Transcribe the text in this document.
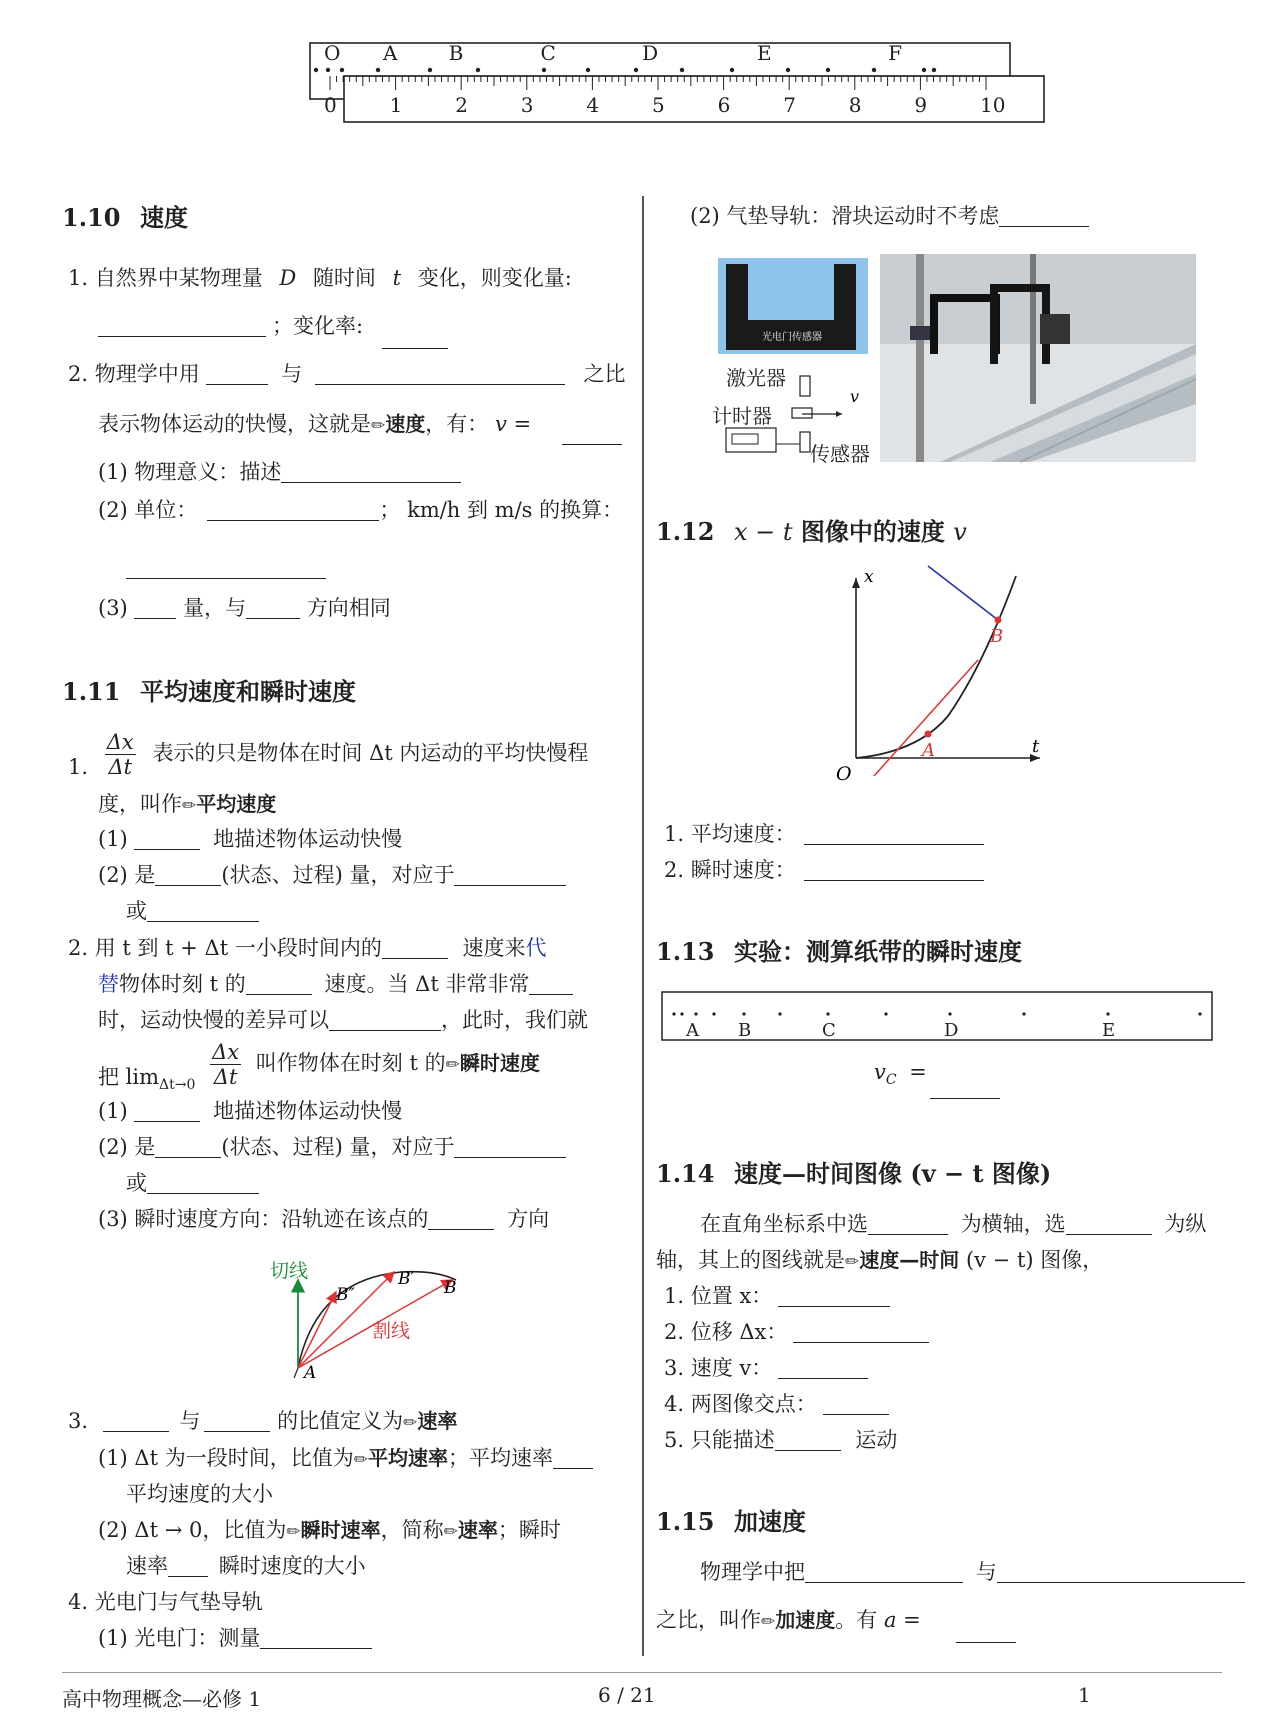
O A	B	C	D	E	F
0	1	2	3	4	5	6	7	8	9	10
1.10 速度
1. 自然界中某物理量 D 随时间 t 变化，则变化量:
；变化率:
2. 物理学中用	与	之比
表示物体运动的快慢，这就是✏速度，有： v =
(1) 物理意义：描述
(2) 单位：	； km/h 到 m/s 的换算：
(3)	量，与	方向相同
1.11 平均速度和瞬时速度
1. $\frac{\Delta x}{\Delta t}$ 表示的只是物体在时间 Δt 内运动的平均快慢程
度，叫作✏平均速度
(1)	地描述物体运动快慢
(2) 是	(状态、过程) 量，对应于
或
2. 用 t 到 t + Δt 一小段时间内的	速度来代
替物体时刻 t 的	速度。当 Δt 非常非常
时，运动快慢的差异可以	，此时，我们就
把 $\lim_{\Delta t\to 0} \frac{\Delta x}{\Delta t}$ 叫作物体在时刻 t 的✏瞬时速度
(1)	地描述物体运动快慢
(2) 是	(状态、过程) 量，对应于
或
(3) 瞬时速度方向：沿轨迹在该点的	方向
切线
割线
A
B
B′
B″
3.	与	的比值定义为✏速率
(1) Δt 为一段时间，比值为✏平均速率；平均速率
平均速度的大小
(2) Δt → 0，比值为✏瞬时速率，简称✏速率；瞬时
速率 瞬时速度的大小
4. 光电门与气垫导轨
(1) 光电门：测量
(2) 气垫导轨：滑块运动时不考虑
光电门传感器
激光器
计时器
传感器
v
1.12 x − t 图像中的速度 v
x
t
O
A
B
1. 平均速度：
2. 瞬时速度：
1.13 实验：测算纸带的瞬时速度
A B	C	D	E
$v_C$ =
1.14 速度—时间图像 (v − t 图像)
在直角坐标系中选	为横轴，选	为纵
轴，其上的图线就是✏速度—时间 (v − t) 图像，
1. 位置 x：
2. 位移 Δx：
3. 速度 v：
4. 两图像交点：
5. 只能描述	运动
1.15 加速度
物理学中把	与
之比，叫作✏加速度。有 a =
高中物理概念—必修 1	6 / 21	1
